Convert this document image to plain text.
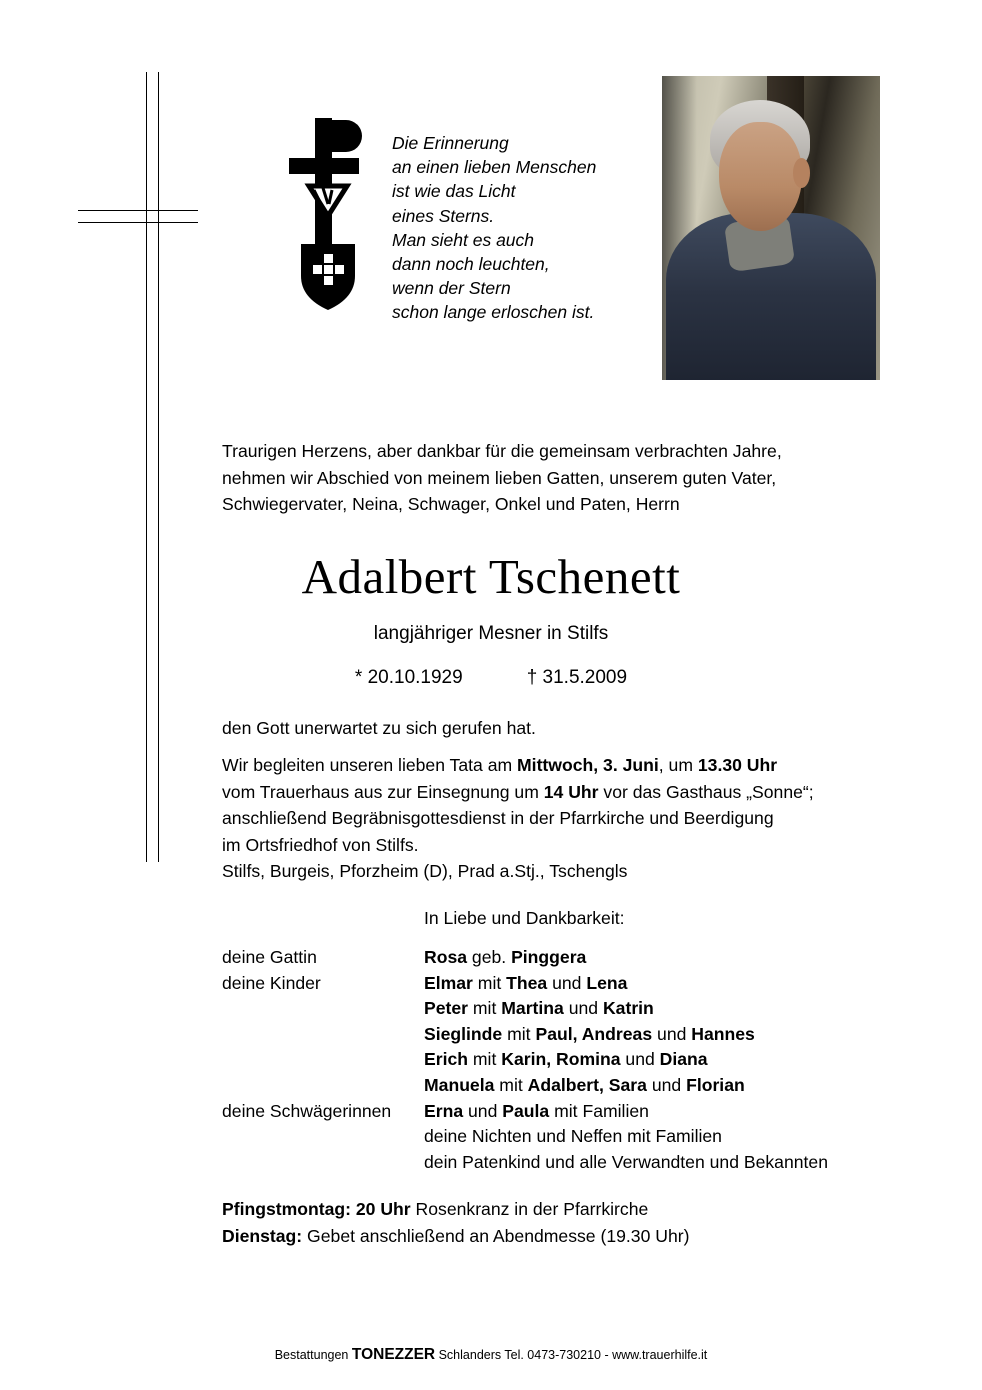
Die Erinnerung
an einen lieben Menschen
ist wie das Licht
eines Sterns.
Man sieht es auch
dann noch leuchten,
wenn der Stern
schon lange erloschen ist.
Traurigen Herzens, aber dankbar für die gemeinsam verbrachten Jahre,
nehmen wir Abschied von meinem lieben Gatten, unserem guten Vater,
Schwiegervater, Neina, Schwager, Onkel und Paten, Herrn
Adalbert Tschenett
langjähriger Mesner in Stilfs
* 20.10.1929	† 31.5.2009
den Gott unerwartet zu sich gerufen hat.
Wir begleiten unseren lieben Tata am Mittwoch, 3. Juni, um 13.30 Uhr
vom Trauerhaus aus zur Einsegnung um 14 Uhr vor das Gasthaus „Sonne“;
anschließend Begräbnisgottesdienst in der Pfarrkirche und Beerdigung
im Ortsfriedhof von Stilfs.
Stilfs, Burgeis, Pforzheim (D), Prad a.Stj., Tschengls
In Liebe und Dankbarkeit:
deine Gattin	Rosa geb. Pinggera
deine Kinder	Elmar mit Thea und Lena
Peter mit Martina und Katrin
Sieglinde mit Paul, Andreas und Hannes
Erich mit Karin, Romina und Diana
Manuela mit Adalbert, Sara und Florian
deine Schwägerinnen	Erna und Paula mit Familien
deine Nichten und Neffen mit Familien
dein Patenkind und alle Verwandten und Bekannten
Pfingstmontag: 20 Uhr Rosenkranz in der Pfarrkirche
Dienstag: Gebet anschließend an Abendmesse (19.30 Uhr)
Bestattungen TONEZZER Schlanders Tel. 0473-730210 - www.trauerhilfe.it
